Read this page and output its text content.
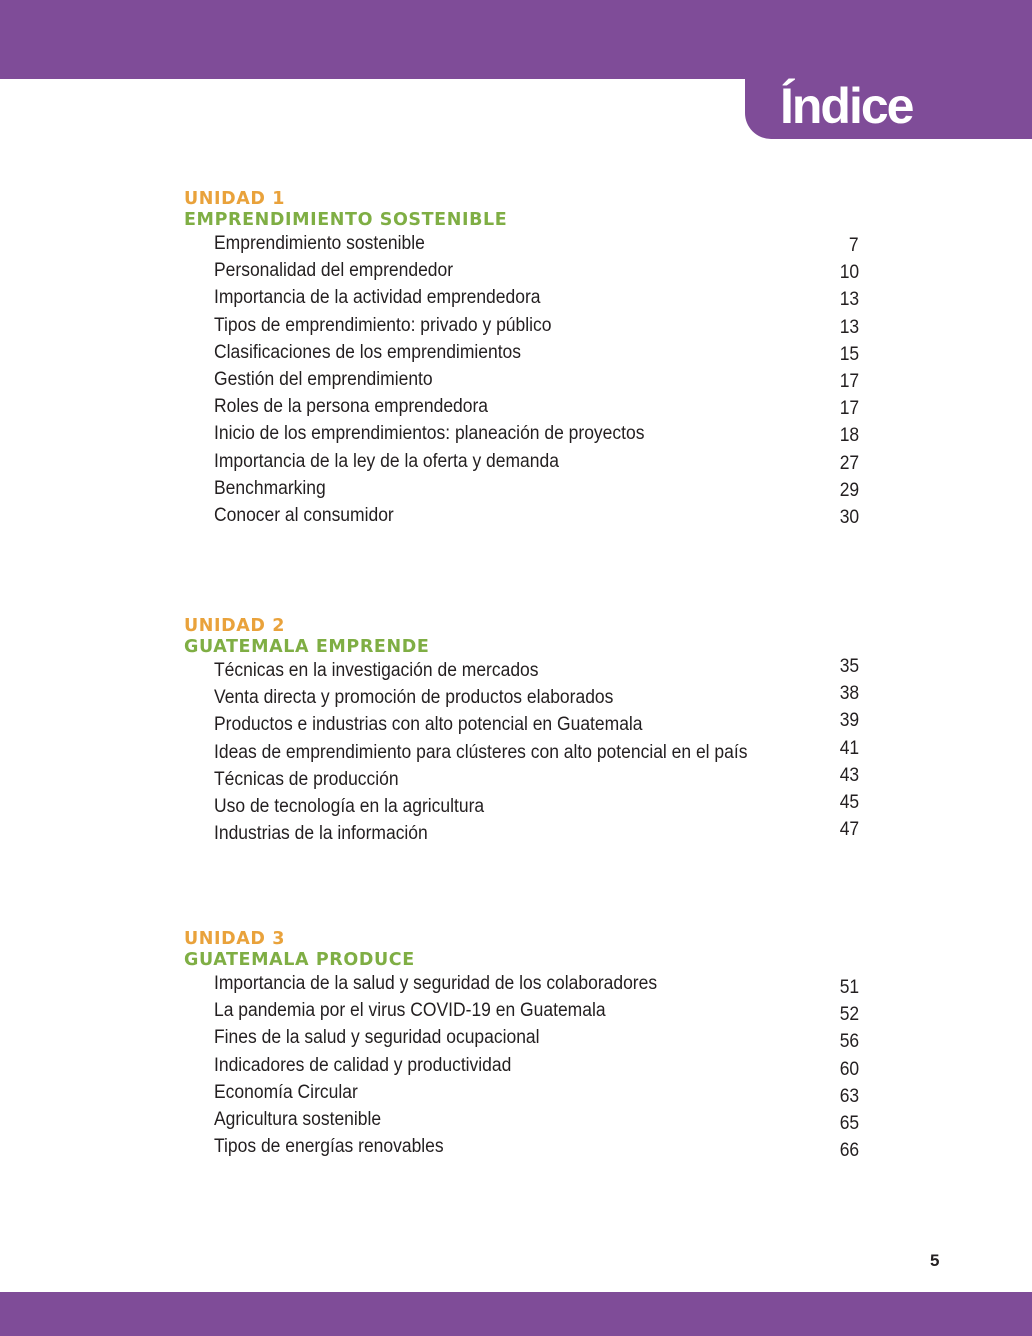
Índice
UNIDAD 1
EMPRENDIMIENTO SOSTENIBLE
Emprendimiento sostenible	7
Personalidad del emprendedor	10
Importancia de la actividad emprendedora	13
Tipos de emprendimiento: privado y público	13
Clasificaciones de los emprendimientos	15
Gestión del emprendimiento	17
Roles de la persona emprendedora	17
Inicio de los emprendimientos: planeación de proyectos	18
Importancia de la ley de la oferta y demanda	27
Benchmarking	29
Conocer al consumidor	30
UNIDAD 2
GUATEMALA EMPRENDE
Técnicas en la investigación de mercados	35
Venta directa y promoción de productos elaborados	38
Productos e industrias con alto potencial en Guatemala	39
Ideas de emprendimiento para clústeres con alto potencial en el país	41
Técnicas de producción	43
Uso de tecnología en la agricultura	45
Industrias de la información	47
UNIDAD 3
GUATEMALA PRODUCE
Importancia de la salud y seguridad de los colaboradores	51
La pandemia por el virus COVID-19 en Guatemala	52
Fines de la salud y seguridad ocupacional	56
Indicadores de calidad y productividad	60
Economía Circular	63
Agricultura sostenible	65
Tipos de energías renovables	66
5
